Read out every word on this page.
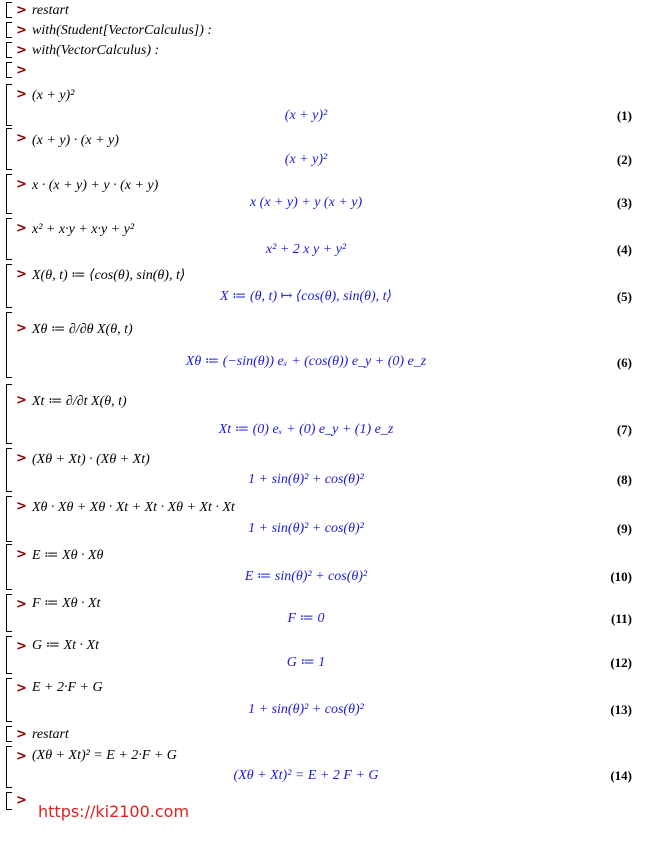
> restart
> with(Student[VectorCalculus]) :
> with(VectorCalculus) :
>
> (x + y)²
(x + y)²	(1)
> (x + y) · (x + y)
(x + y)²	(2)
> x · (x + y) + y · (x + y)
x (x + y) + y (x + y)	(3)
> x² + x·y + x·y + y²
x² + 2 x y + y²	(4)
> X(θ, t) ≔ ⟨cos(θ), sin(θ), t⟩
X ≔ (θ, t) ↦ ⟨cos(θ), sin(θ), t⟩	(5)
> Xθ ≔ ∂/∂θ X(θ, t)
Xθ ≔ (−sin(θ)) eₓ + (cos(θ)) e_y + (0) e_z	(6)
> Xt ≔ ∂/∂t X(θ, t)
Xt ≔ (0) eₓ + (0) e_y + (1) e_z	(7)
> (Xθ + Xt) · (Xθ + Xt)
1 + sin(θ)² + cos(θ)²	(8)
> Xθ · Xθ + Xθ · Xt + Xt · Xθ + Xt · Xt
1 + sin(θ)² + cos(θ)²	(9)
> E ≔ Xθ · Xθ
E ≔ sin(θ)² + cos(θ)²	(10)
> F ≔ Xθ · Xt
F ≔ 0	(11)
> G ≔ Xt · Xt
G ≔ 1	(12)
> E + 2·F + G
1 + sin(θ)² + cos(θ)²	(13)
> restart
> (Xθ + Xt)² = E + 2·F + G
(Xθ + Xt)² = E + 2 F + G	(14)
>
https://ki2100.com
